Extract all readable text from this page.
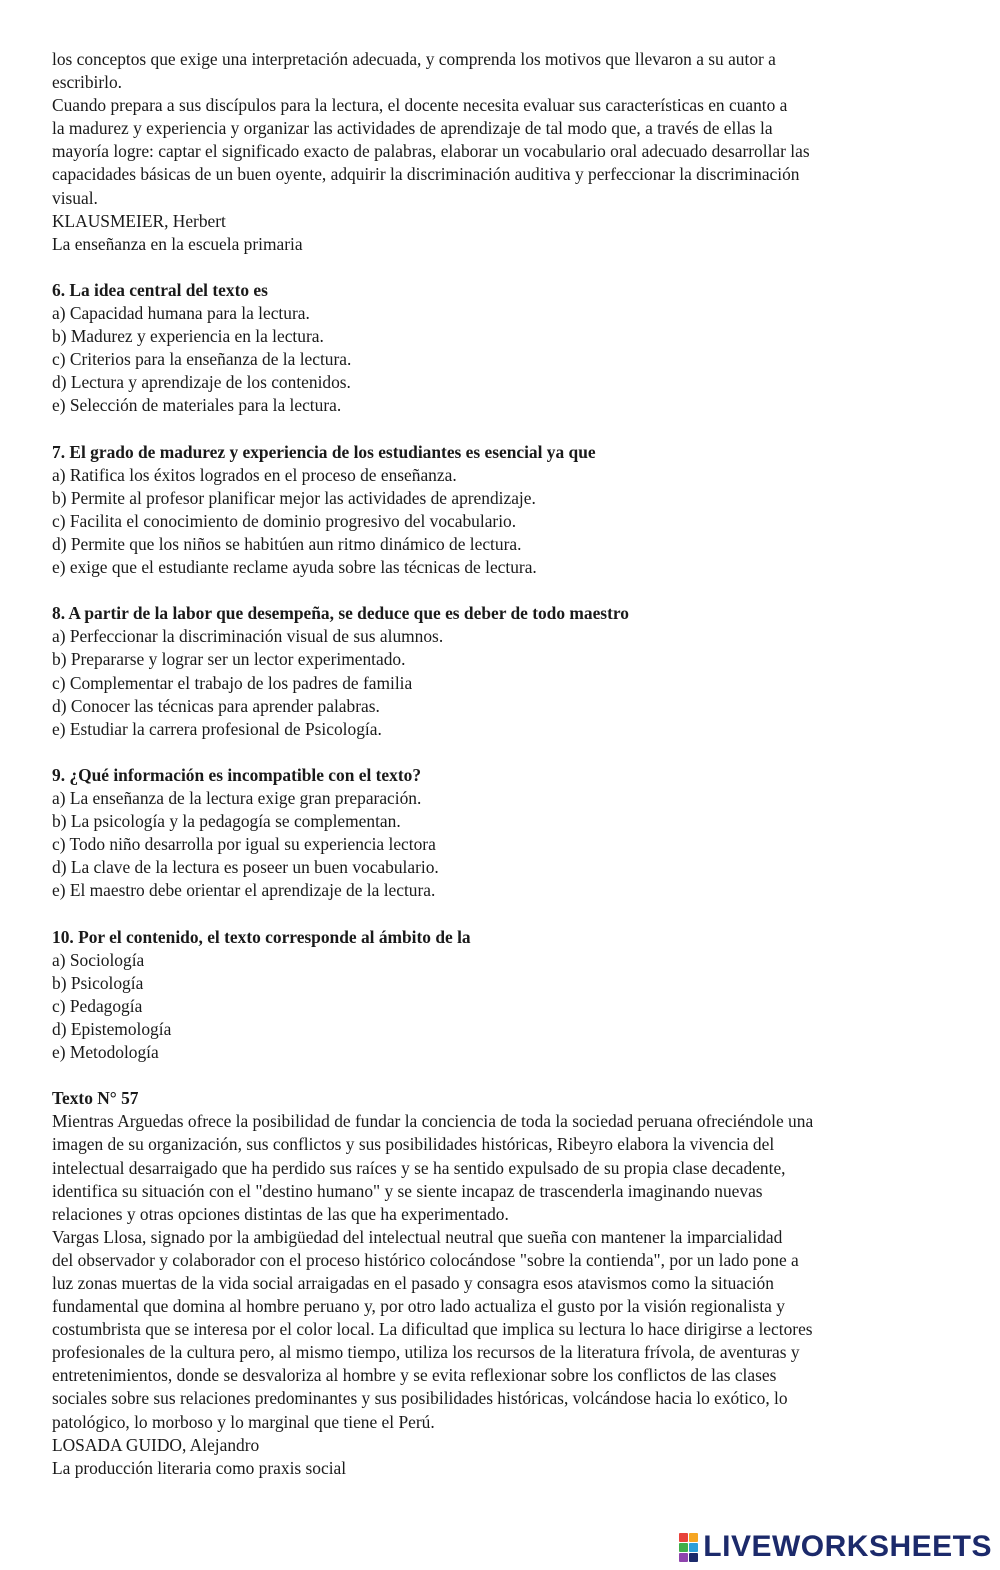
los conceptos que exige una interpretación adecuada, y comprenda los motivos que llevaron a su autor a
escribirlo.
Cuando prepara a sus discípulos para la lectura, el docente necesita evaluar sus características en cuanto a
la madurez y experiencia y organizar las actividades de aprendizaje de tal modo que, a través de ellas la
mayoría logre: captar el significado exacto de palabras, elaborar un vocabulario oral adecuado desarrollar las
capacidades básicas de un buen oyente, adquirir la discriminación auditiva y perfeccionar la discriminación
visual.
KLAUSMEIER, Herbert
La enseñanza en la escuela primaria
6. La idea central del texto es
a) Capacidad humana para la lectura.
b) Madurez y experiencia en la lectura.
c) Criterios para la enseñanza de la lectura.
d) Lectura y aprendizaje de los contenidos.
e) Selección de materiales para la lectura.
7. El grado de madurez y experiencia de los estudiantes es esencial ya que
a) Ratifica los éxitos logrados en el proceso de enseñanza.
b) Permite al profesor planificar mejor las actividades de aprendizaje.
c) Facilita el conocimiento de dominio progresivo del vocabulario.
d) Permite que los niños se habitúen aun ritmo dinámico de lectura.
e) exige que el estudiante reclame ayuda sobre las técnicas de lectura.
8. A partir de la labor que desempeña, se deduce que es deber de todo maestro
a) Perfeccionar la discriminación visual de sus alumnos.
b) Prepararse y lograr ser un lector experimentado.
c) Complementar el trabajo de los padres de familia
d) Conocer las técnicas para aprender palabras.
e) Estudiar la carrera profesional de Psicología.
9. ¿Qué información es incompatible con el texto?
a) La enseñanza de la lectura exige gran preparación.
b) La psicología y la pedagogía se complementan.
c) Todo niño desarrolla por igual su experiencia lectora
d) La clave de la lectura es poseer un buen vocabulario.
e) El maestro debe orientar el aprendizaje de la lectura.
10. Por el contenido, el texto corresponde al ámbito de la
a) Sociología
b) Psicología
c) Pedagogía
d) Epistemología
e) Metodología
Texto N° 57
Mientras Arguedas ofrece la posibilidad de fundar la conciencia de toda la sociedad peruana ofreciéndole una
imagen de su organización, sus conflictos y sus posibilidades históricas, Ribeyro elabora la vivencia del
intelectual desarraigado que ha perdido sus raíces y se ha sentido expulsado de su propia clase decadente,
identifica su situación con el "destino humano" y se siente incapaz de trascenderla imaginando nuevas
relaciones y otras opciones distintas de las que ha experimentado.
Vargas Llosa, signado por la ambigüedad del intelectual neutral que sueña con mantener la imparcialidad
del observador y colaborador con el proceso histórico colocándose "sobre la contienda", por un lado pone a
luz zonas muertas de la vida social arraigadas en el pasado y consagra esos atavismos como la situación
fundamental que domina al hombre peruano y, por otro lado actualiza el gusto por la visión regionalista y
costumbrista que se interesa por el color local. La dificultad que implica su lectura lo hace dirigirse a lectores
profesionales de la cultura pero, al mismo tiempo, utiliza los recursos de la literatura frívola, de aventuras y
entretenimientos, donde se desvaloriza al hombre y se evita reflexionar sobre los conflictos de las clases
sociales sobre sus relaciones predominantes y sus posibilidades históricas, volcándose hacia lo exótico, lo
patológico, lo morboso y lo marginal que tiene el Perú.
LOSADA GUIDO, Alejandro
La producción literaria como praxis social
LIVEWORKSHEETS
